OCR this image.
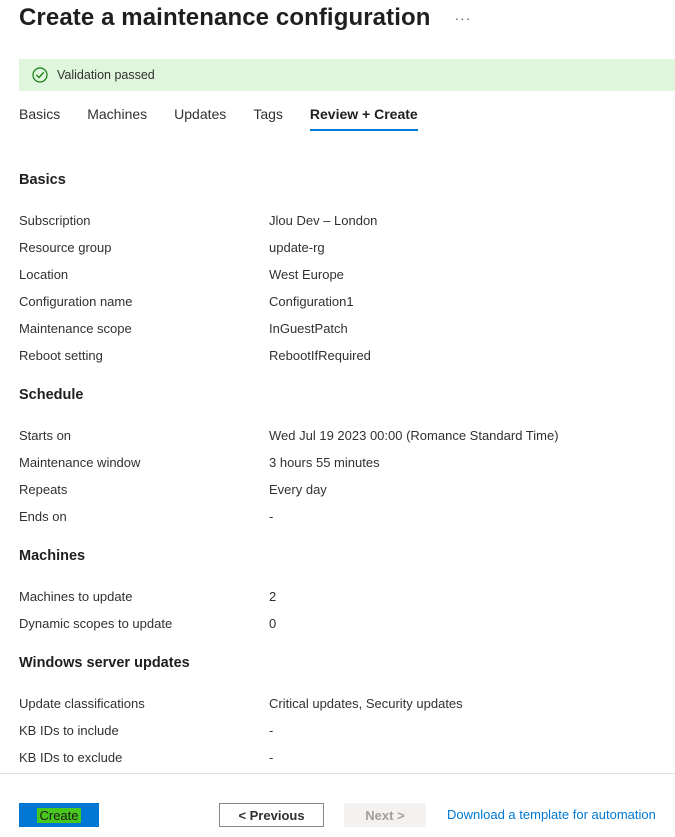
Create a maintenance configuration ···
Validation passed
Basics Machines Updates Tags Review + Create
Basics
Subscription	Jlou Dev – London
Resource group	update-rg
Location	West Europe
Configuration name	Configuration1
Maintenance scope	InGuestPatch
Reboot setting	RebootIfRequired
Schedule
Starts on	Wed Jul 19 2023 00:00 (Romance Standard Time)
Maintenance window	3 hours 55 minutes
Repeats	Every day
Ends on	-
Machines
Machines to update	2
Dynamic scopes to update	0
Windows server updates
Update classifications	Critical updates, Security updates
KB IDs to include	-
KB IDs to exclude	-
Create	< Previous	Next >	Download a template for automation
